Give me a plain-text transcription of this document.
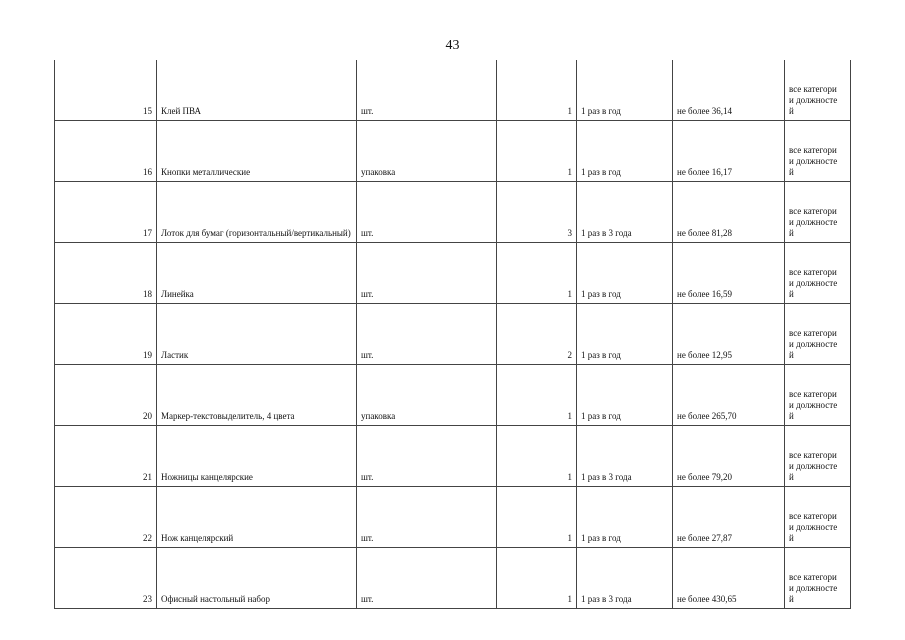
43
15	Клей ПВА	шт.	1	1 раз в год	не более 36,14	все категории должносте й

16	Кнопки металлические	упаковка	1	1 раз в год	не более 16,17	все категории должносте й

17	Лоток для бумаг (горизонтальный/вертикальный)	шт.	3	1 раз в 3 года	не более 81,28	все категории должносте й

18	Линейка	шт.	1	1 раз в год	не более 16,59	все категории должносте й

19	Ластик	шт.	2	1 раз в год	не более 12,95	все категории должносте й

20	Маркер-текстовыделитель, 4 цвета	упаковка	1	1 раз в год	не более 265,70	все категории должносте й

21	Ножницы канцелярские	шт.	1	1 раз в 3 года	не более 79,20	все категории должносте й

22	Нож канцелярский	шт.	1	1 раз в год	не более 27,87	все категории должносте й

23	Офисный настольный набор	шт.	1	1 раз в 3 года	не более 430,65	все категории должносте й
